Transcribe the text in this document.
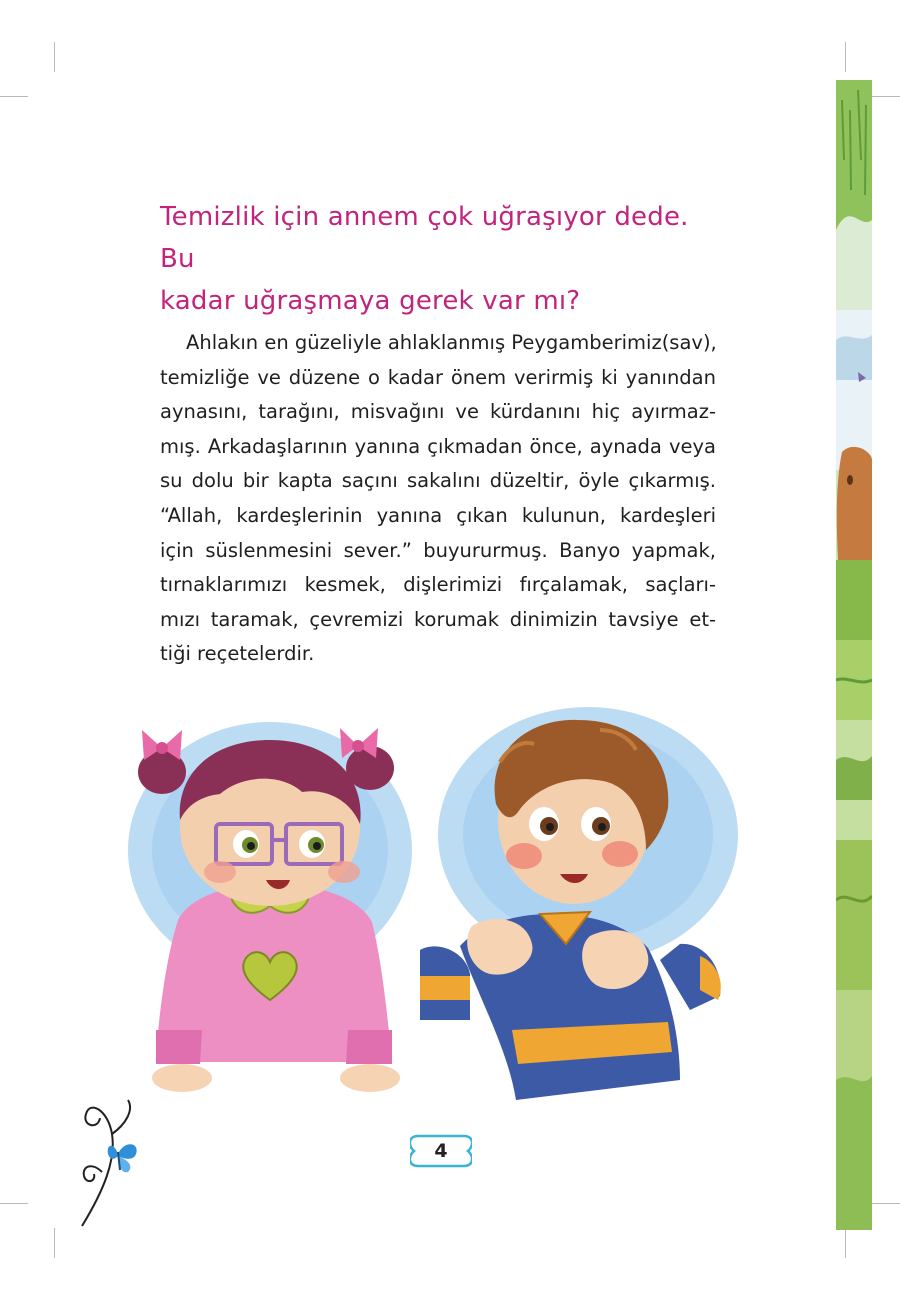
Temizlik için annem çok uğraşıyor dede. Bu
kadar uğraşmaya gerek var mı?
Ahlakın en güzeliyle ahlaklanmış Peygamberimiz(sav),
temizliğe ve düzene o kadar önem verirmiş ki yanından
aynasını, tarağını, misvağını ve kürdanını hiç ayırmaz-
mış. Arkadaşlarının yanına çıkmadan önce, aynada veya
su dolu bir kapta saçını sakalını düzeltir, öyle çıkarmış.
“Allah, kardeşlerinin yanına çıkan kulunun, kardeşleri
için süslenmesini sever.” buyururmuş. Banyo yapmak,
tırnaklarımızı kesmek, dişlerimizi fırçalamak, saçları-
mızı taramak, çevremizi korumak dinimizin tavsiye et-
tiği reçetelerdir.
4
